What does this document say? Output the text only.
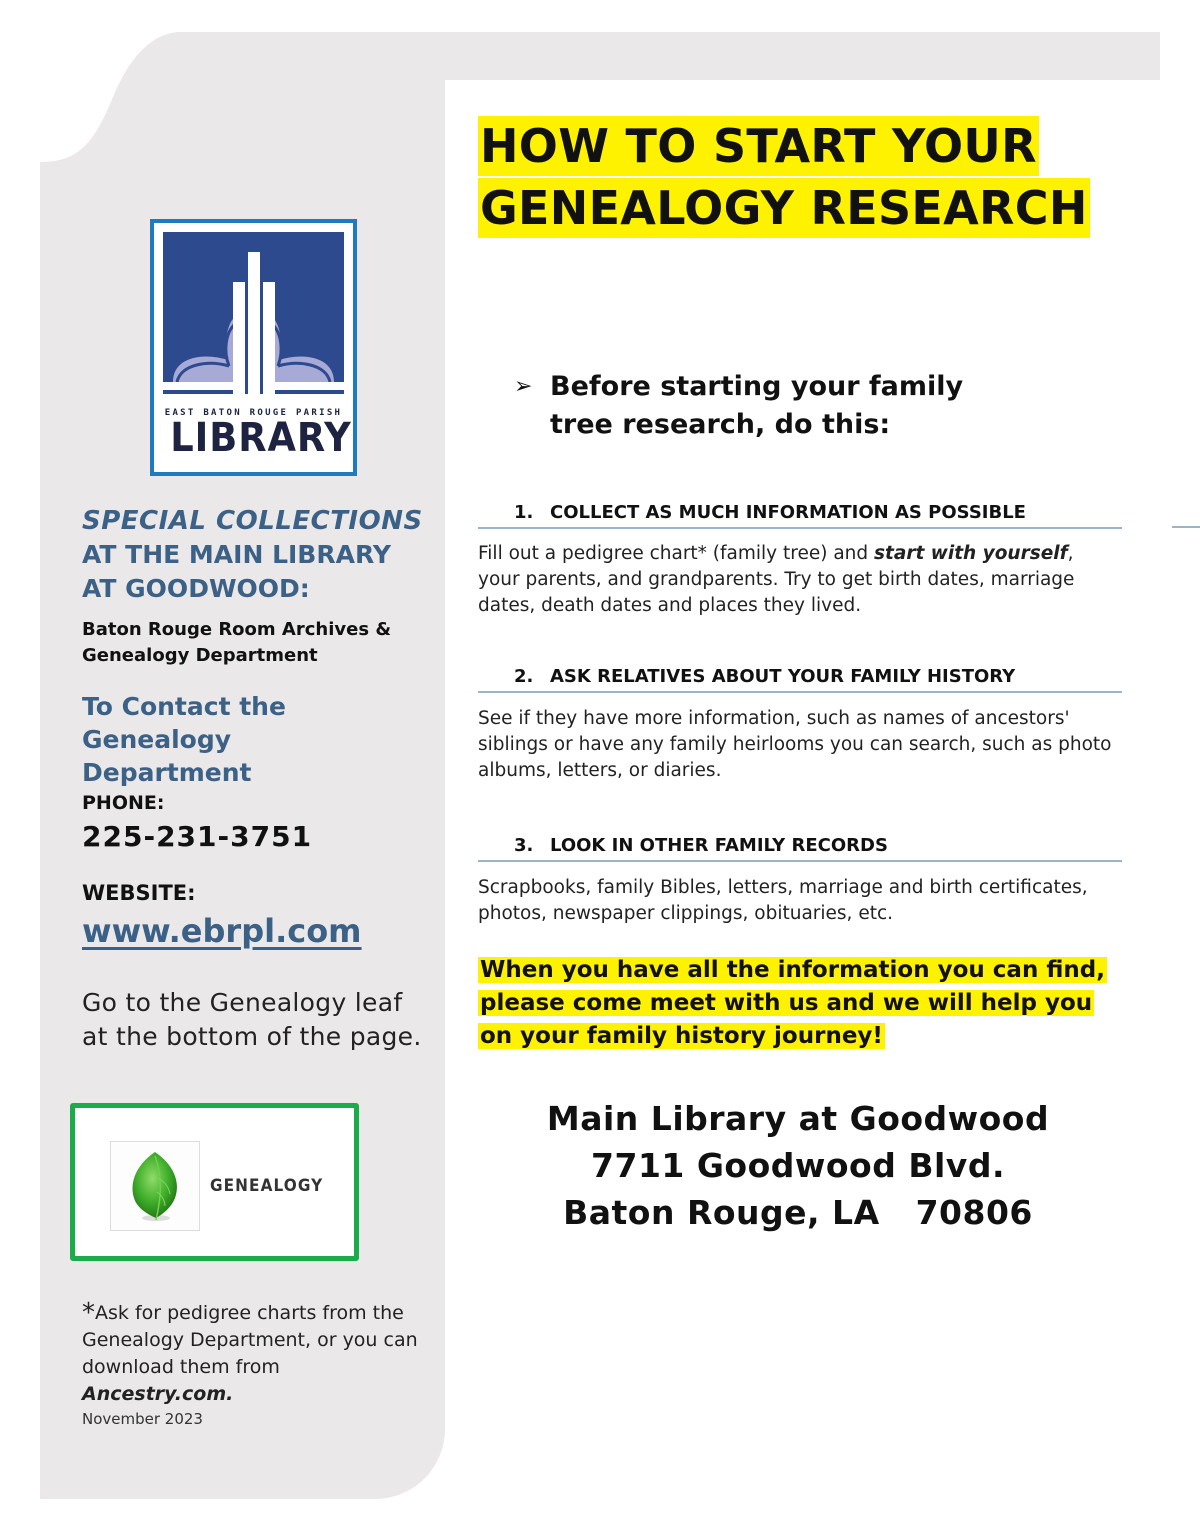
EAST BATON ROUGE PARISH
LIBRARY
SPECIAL COLLECTIONS
AT THE MAIN LIBRARY AT GOODWOOD:
Baton Rouge Room Archives & Genealogy Department
To Contact the Genealogy Department
PHONE:
225-231-3751
WEBSITE:
www.ebrpl.com
Go to the Genealogy leaf at the bottom of the page.
GENEALOGY
*Ask for pedigree charts from the Genealogy Department, or you can download them from Ancestry.com.
November 2023
HOW TO START YOUR
GENEALOGY RESEARCH
➢ Before starting your family tree research, do this:
1. COLLECT AS MUCH INFORMATION AS POSSIBLE
Fill out a pedigree chart* (family tree) and start with yourself, your parents, and grandparents. Try to get birth dates, marriage dates, death dates and places they lived.
2. ASK RELATIVES ABOUT YOUR FAMILY HISTORY
See if they have more information, such as names of ancestors' siblings or have any family heirlooms you can search, such as photo albums, letters, or diaries.
3. LOOK IN OTHER FAMILY RECORDS
Scrapbooks, family Bibles, letters, marriage and birth certificates, photos, newspaper clippings, obituaries, etc.
When you have all the information you can find, please come meet with us and we will help you on your family history journey!
Main Library at Goodwood
7711 Goodwood Blvd.
Baton Rouge, LA   70806
